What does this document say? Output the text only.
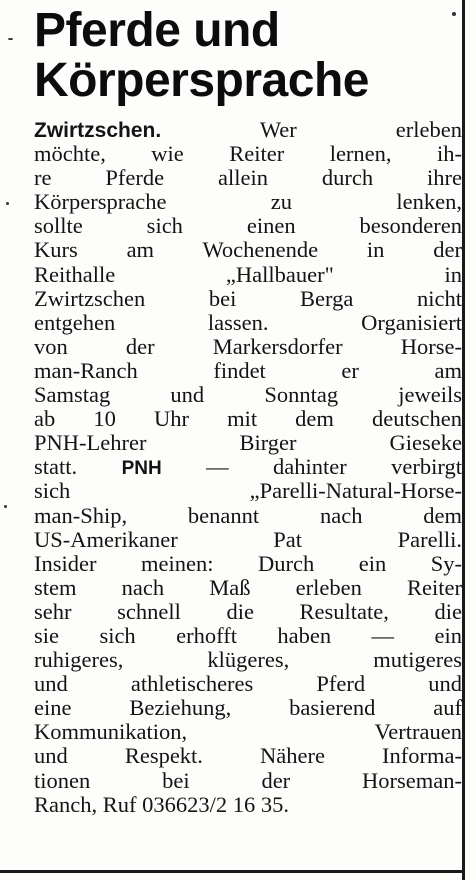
Pferde und
Körpersprache
Zwirtzschen. Wer erleben
möchte, wie Reiter lernen, ih-
re Pferde allein durch ihre
Körpersprache zu lenken,
sollte sich einen besonderen
Kurs am Wochenende in der
Reithalle „Hallbauer" in
Zwirtzschen bei Berga nicht
entgehen lassen. Organisiert
von der Markersdorfer Horse-
man-Ranch findet er am
Samstag und Sonntag jeweils
ab 10 Uhr mit dem deutschen
PNH-Lehrer Birger Gieseke
statt. PNH — dahinter verbirgt
sich „Parelli-Natural-Horse-
man-Ship, benannt nach dem
US-Amerikaner Pat Parelli.
Insider meinen: Durch ein Sy-
stem nach Maß erleben Reiter
sehr schnell die Resultate, die
sie sich erhofft haben — ein
ruhigeres, klügeres, mutigeres
und athletischeres Pferd und
eine Beziehung, basierend auf
Kommunikation, Vertrauen
und Respekt. Nähere Informa-
tionen bei der Horseman-
Ranch, Ruf 036623/2 16 35.
